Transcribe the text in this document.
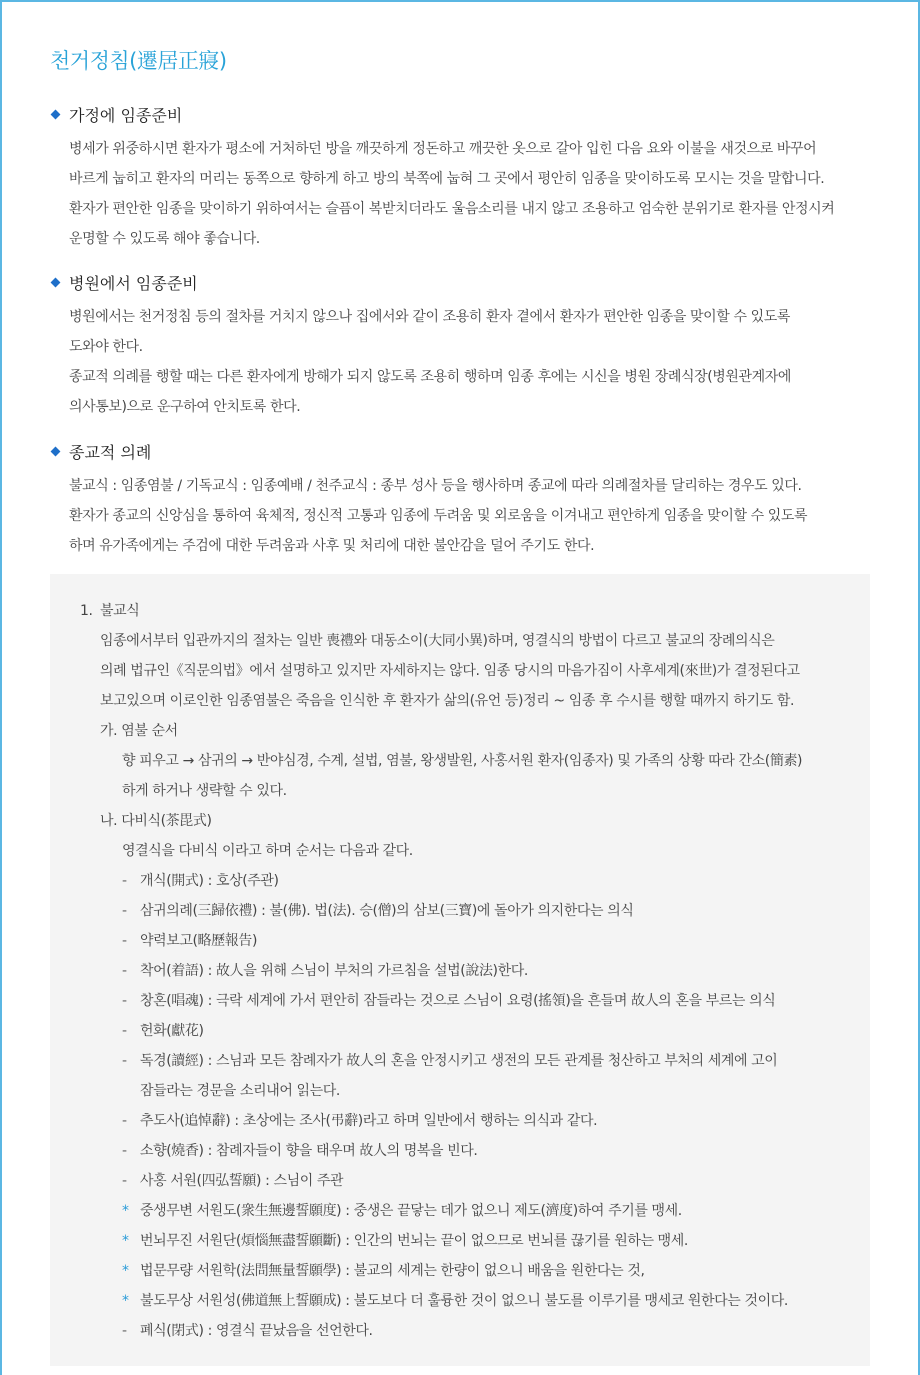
천거정침(遷居正寢)
가정에 임종준비

병세가 위중하시면 환자가 평소에 거처하던 방을 깨끗하게 정돈하고 깨끗한 옷으로 갈아 입힌 다음 요와 이불을 새것으로 바꾸어

바르게 눕히고 환자의 머리는 동쪽으로 향하게 하고 방의 북쪽에 눕혀 그 곳에서 평안히 임종을 맞이하도록 모시는 것을 말합니다.

환자가 편안한 임종을 맞이하기 위하여서는 슬픔이 복받치더라도 울음소리를 내지 않고 조용하고 엄숙한 분위기로 환자를 안정시켜

운명할 수 있도록 해야 좋습니다.

병원에서 임종준비

병원에서는 천거정침 등의 절차를 거치지 않으나 집에서와 같이 조용히 환자 곁에서 환자가 편안한 임종을 맞이할 수 있도록

도와야 한다.

종교적 의례를 행할 때는 다른 환자에게 방해가 되지 않도록 조용히 행하며 임종 후에는 시신을 병원 장례식장(병원관계자에

의사통보)으로 운구하여 안치토록 한다.

종교적 의례

불교식 : 임종염불 / 기독교식 : 임종예배 / 천주교식 : 종부 성사 등을 행사하며 종교에 따라 의례절차를 달리하는 경우도 있다.

환자가 종교의 신앙심을 통하여 육체적, 정신적 고통과 임종에 두려움 및 외로움을 이겨내고 편안하게 임종을 맞이할 수 있도록

하며 유가족에게는 주검에 대한 두려움과 사후 및 처리에 대한 불안감을 덜어 주기도 한다.

1. 불교식
임종에서부터 입관까지의 절차는 일반 喪禮와 대동소이(大同小異)하며, 영결식의 방법이 다르고 불교의 장례의식은
의례 법규인《직문의법》에서 설명하고 있지만 자세하지는 않다. 임종 당시의 마음가짐이 사후세계(來世)가 결정된다고
보고있으며 이로인한 임종염불은 죽음을 인식한 후 환자가 삶의(유언 등)정리 ~ 임종 후 수시를 행할 때까지 하기도 함.
가. 염불 순서
향 피우고 → 삼귀의 → 반야심경, 수계, 설법, 염불, 왕생발원, 사홍서원 환자(임종자) 및 가족의 상황 따라 간소(簡素)
하게 하거나 생략할 수 있다.
나. 다비식(茶毘式)
영결식을 다비식 이라고 하며 순서는 다음과 같다.
- 개식(開式) : 호상(주관)
- 삼귀의례(三歸依禮) : 불(佛). 법(法). 승(僧)의 삼보(三寶)에 돌아가 의지한다는 의식
- 약력보고(略歷報告)
- 착어(着語) : 故人을 위해 스님이 부처의 가르침을 설법(說法)한다.
- 창혼(唱魂) : 극락 세계에 가서 편안히 잠들라는 것으로 스님이 요령(搖領)을 흔들며 故人의 혼을 부르는 의식
- 헌화(獻花)
- 독경(讀經) : 스님과 모든 참례자가 故人의 혼을 안정시키고 생전의 모든 관계를 청산하고 부처의 세계에 고이
잠들라는 경문을 소리내어 읽는다.
- 추도사(追悼辭) : 초상에는 조사(弔辭)라고 하며 일반에서 행하는 의식과 같다.
- 소향(燒香) : 참례자들이 향을 태우며 故人의 명복을 빈다.
- 사홍 서원(四弘誓願) : 스님이 주관
* 중생무변 서원도(衆生無邊誓願度) : 중생은 끝닿는 데가 없으니 제도(濟度)하여 주기를 맹세.
* 번뇌무진 서원단(煩惱無盡誓願斷) : 인간의 번뇌는 끝이 없으므로 번뇌를 끊기를 원하는 맹세.
* 법문무량 서원학(法問無量誓願學) : 불교의 세계는 한량이 없으니 배움을 원한다는 것,
* 불도무상 서원성(佛道無上誓願成) : 불도보다 더 훌륭한 것이 없으니 불도를 이루기를 맹세코 원한다는 것이다.
- 폐식(閉式) : 영결식 끝났음을 선언한다.
